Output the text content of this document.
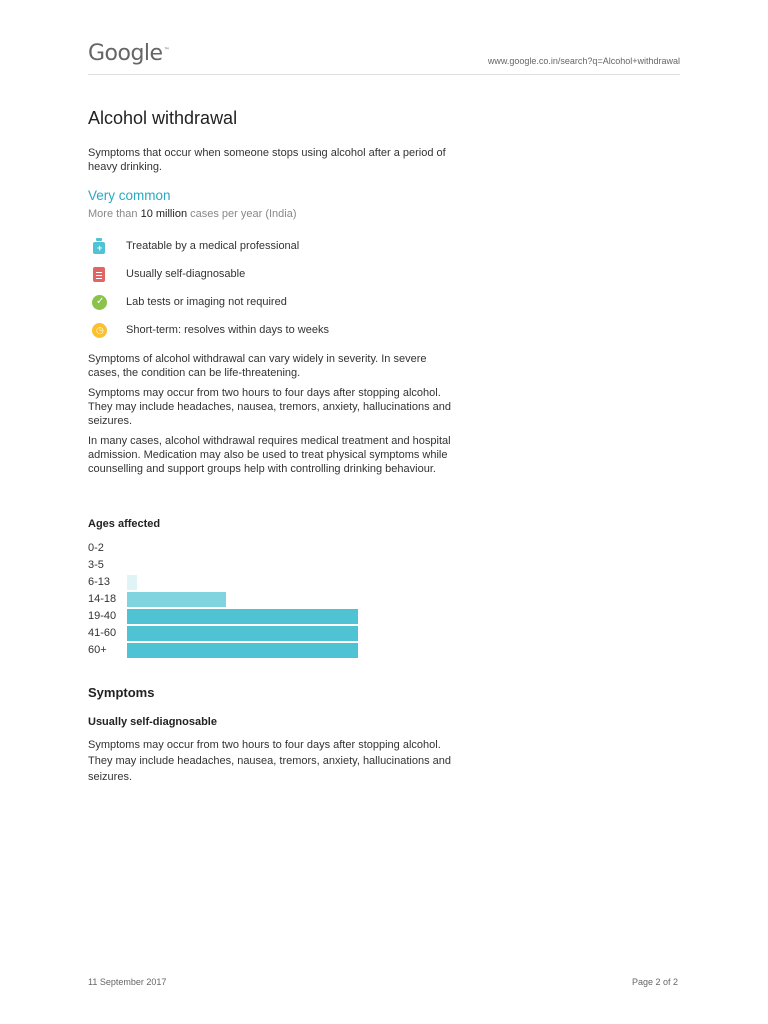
Google™
www.google.co.in/search?q=Alcohol+withdrawal
Alcohol withdrawal

Symptoms that occur when someone stops using alcohol after a period of heavy drinking.

Very common
More than 10 million cases per year (India)
+ Treatable by a medical professional
Usually self-diagnosable
✓ Lab tests or imaging not required
◷ Short-term: resolves within days to weeks

Symptoms of alcohol withdrawal can vary widely in severity. In severe cases, the condition can be life-threatening.

Symptoms may occur from two hours to four days after stopping alcohol. They may include headaches, nausea, tremors, anxiety, hallucinations and seizures.

In many cases, alcohol withdrawal requires medical treatment and hospital admission. Medication may also be used to treat physical symptoms while counselling and support groups help with controlling drinking behaviour.

Ages affected
0-2
3-5
6-13
14-18
19-40
41-60
60+
Symptoms
Usually self-diagnosable

Symptoms may occur from two hours to four days after stopping alcohol. They may include headaches, nausea, tremors, anxiety, hallucinations and seizures.

11 September 2017	Page 2 of 2
